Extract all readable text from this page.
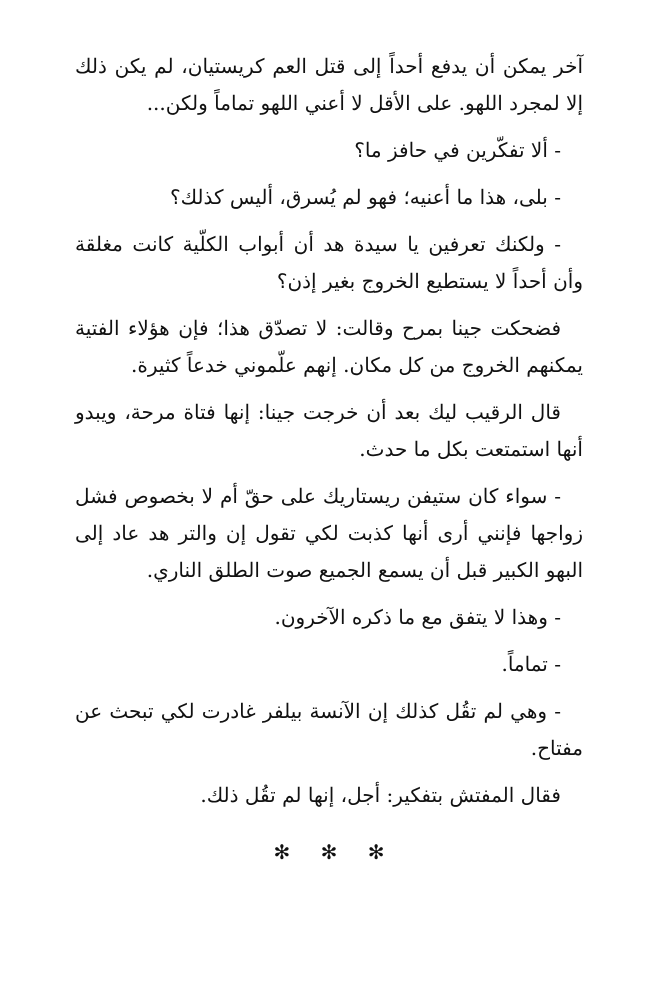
آخر يمكن أن يدفع أحداً إلى قتل العم كريستيان، لم يكن ذلك إلا لمجرد اللهو. على الأقل لا أعني اللهو تماماً ولكن...

- ألا تفكّرين في حافز ما؟

- بلى، هذا ما أعنيه؛ فهو لم يُسرق، أليس كذلك؟

- ولكنك تعرفين يا سيدة هد أن أبواب الكلّية كانت مغلقة وأن أحداً لا يستطيع الخروج بغير إذن؟

فضحكت جينا بمرح وقالت: لا تصدّق هذا؛ فإن هؤلاء الفتية يمكنهم الخروج من كل مكان. إنهم علّموني خدعاً كثيرة.

قال الرقيب ليك بعد أن خرجت جينا: إنها فتاة مرحة، ويبدو أنها استمتعت بكل ما حدث.

- سواء كان ستيفن ريستاريك على حقّ أم لا بخصوص فشل زواجها فإنني أرى أنها كذبت لكي تقول إن والتر هد عاد إلى البهو الكبير قبل أن يسمع الجميع صوت الطلق الناري.

- وهذا لا يتفق مع ما ذكره الآخرون.

- تماماً.

- وهي لم تقُل كذلك إن الآنسة بيلفر غادرت لكي تبحث عن مفتاح.

فقال المفتش بتفكير: أجل، إنها لم تقُل ذلك.

✻ ✻ ✻
